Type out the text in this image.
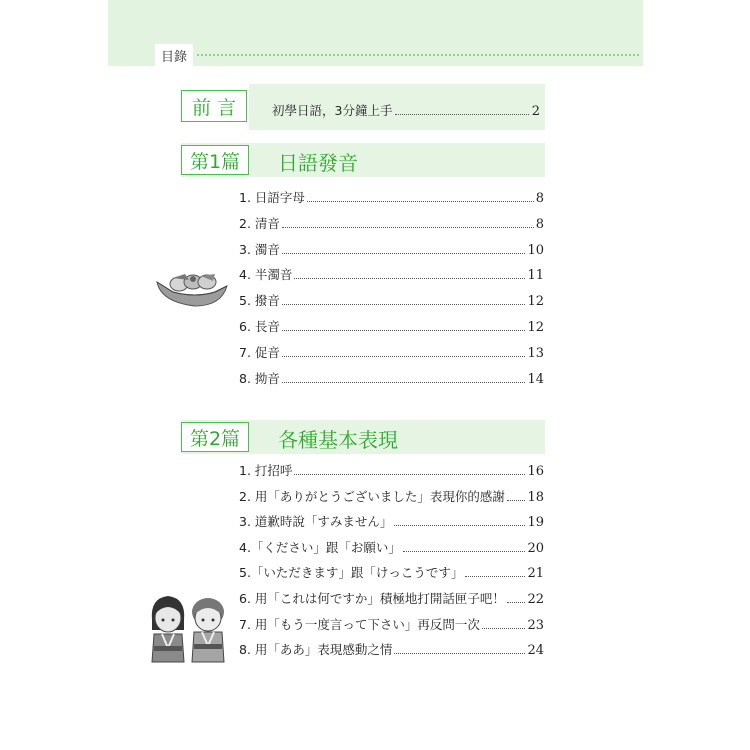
目錄
前 言	初學日語，3分鐘上手	2
第1篇	日語發音
1. 日語字母	8
2. 清音	8
3. 濁音	10
4. 半濁音	11
5. 撥音	12
6. 長音	12
7. 促音	13
8. 拗音	14
第2篇	各種基本表現
1. 打招呼	16
2. 用「ありがとうございました」表現你的感謝 18
3. 道歉時說「すみません」	19
4.「ください」跟「お願い」	20
5.「いただきます」跟「けっこうです」	21
6. 用「これは何ですか」積極地打開話匣子吧！ 22
7. 用「もう一度言って下さい」再反問一次	23
8. 用「ああ」表現感動之情	24
